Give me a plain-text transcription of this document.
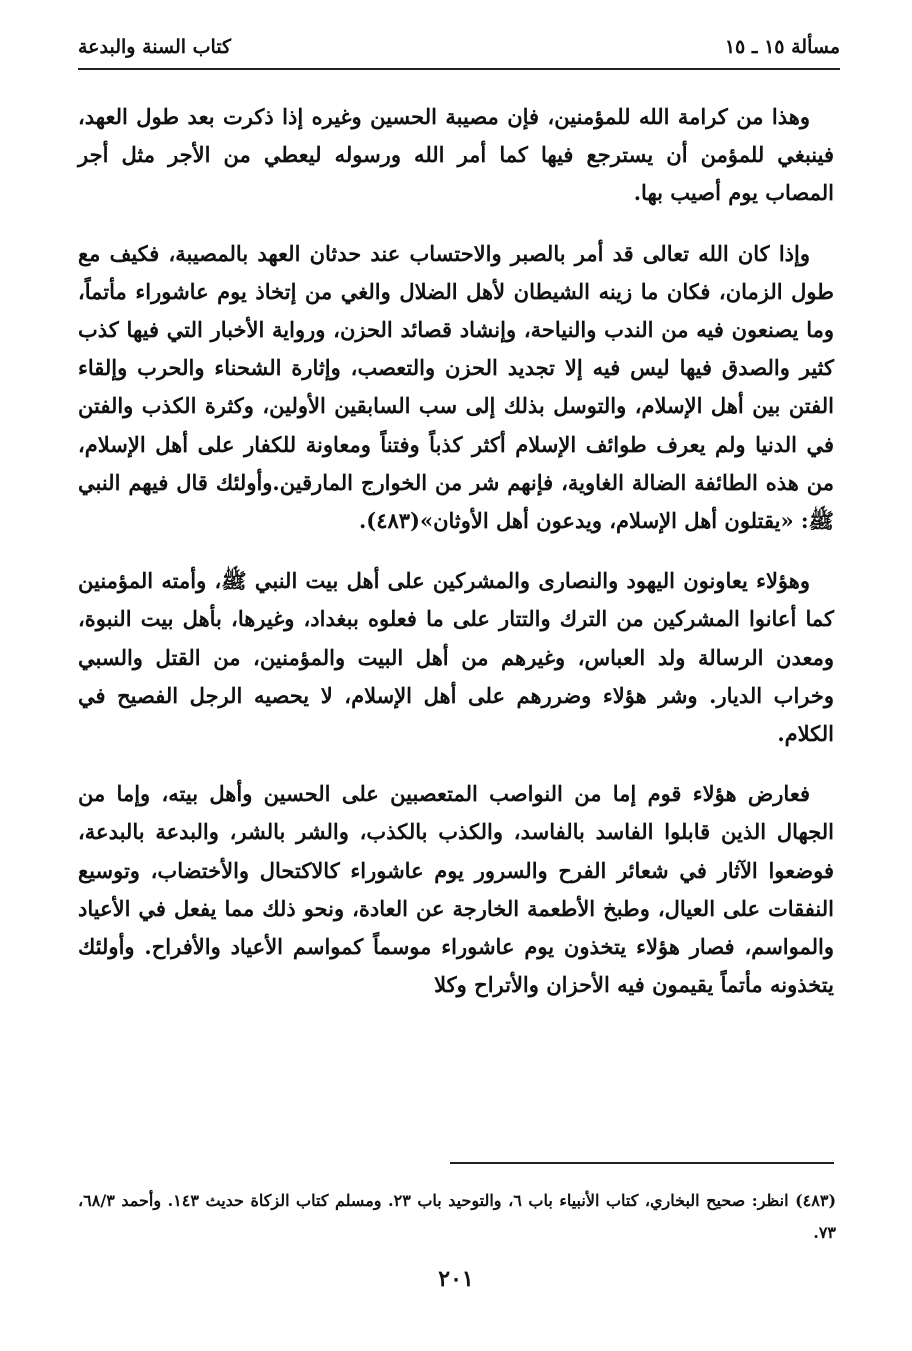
مسألة ١٥ ـ ١٥
كتاب السنة والبدعة

وهذا من كرامة الله للمؤمنين، فإن مصيبة الحسين وغيره إذا ذكرت بعد طول العهد، فينبغي للمؤمن أن يسترجع فيها كما أمر الله ورسوله ليعطي من الأجر مثل أجر المصاب يوم أصيب بها.

وإذا كان الله تعالى قد أمر بالصبر والاحتساب عند حدثان العهد بالمصيبة، فكيف مع طول الزمان، فكان ما زينه الشيطان لأهل الضلال والغي من إتخاذ يوم عاشوراء مأتماً، وما يصنعون فيه من الندب والنياحة، وإنشاد قصائد الحزن، ورواية الأخبار التي فيها كذب كثير والصدق فيها ليس فيه إلا تجديد الحزن والتعصب، وإثارة الشحناء والحرب وإلقاء الفتن بين أهل الإسلام، والتوسل بذلك إلى سب السابقين الأولين، وكثرة الكذب والفتن في الدنيا ولم يعرف طوائف الإسلام أكثر كذباً وفتناً ومعاونة للكفار على أهل الإسلام، من هذه الطائفة الضالة الغاوية، فإنهم شر من الخوارج المارقين.وأولئك قال فيهم النبي ﷺ: «يقتلون أهل الإسلام، ويدعون أهل الأوثان»(٤٨٣).

وهؤلاء يعاونون اليهود والنصارى والمشركين على أهل بيت النبي ﷺ، وأمته المؤمنين كما أعانوا المشركين من الترك والتتار على ما فعلوه ببغداد، وغيرها، بأهل بيت النبوة، ومعدن الرسالة ولد العباس، وغيرهم من أهل البيت والمؤمنين، من القتل والسبي وخراب الديار. وشر هؤلاء وضررهم على أهل الإسلام، لا يحصيه الرجل الفصيح في الكلام.

فعارض هؤلاء قوم إما من النواصب المتعصبين على الحسين وأهل بيته، وإما من الجهال الذين قابلوا الفاسد بالفاسد، والكذب بالكذب، والشر بالشر، والبدعة بالبدعة، فوضعوا الآثار في شعائر الفرح والسرور يوم عاشوراء كالاكتحال والأختضاب، وتوسيع النفقات على العيال، وطبخ الأطعمة الخارجة عن العادة، ونحو ذلك مما يفعل في الأعياد والمواسم، فصار هؤلاء يتخذون يوم عاشوراء موسماً كمواسم الأعياد والأفراح. وأولئك يتخذونه مأتماً يقيمون فيه الأحزان والأتراح وكلا

(٤٨٣) انظر: صحيح البخاري، كتاب الأنبياء باب ٦، والتوحيد باب ٢٣. ومسلم كتاب الزكاة حديث ١٤٣. وأحمد ٦٨/٣، ٧٣.
٢٠١
